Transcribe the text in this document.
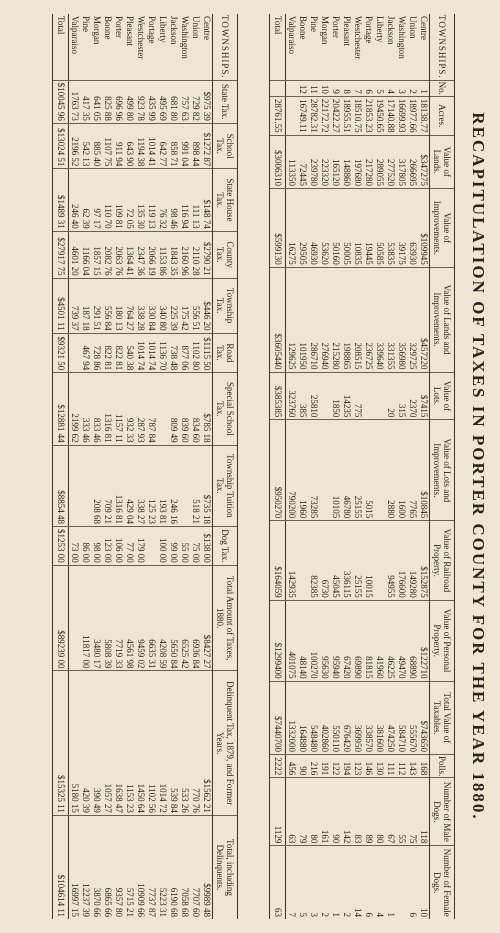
RECAPITULATION OF TAXES IN PORTER COUNTY FOR THE YEAR 1880.
TOWNSHIPS.	No.	Acres.	Value of Lands.	Value of Improvements.	Value of Lands and Improvements.	Value of Lots.	Value of Lots and Improvements.	Value of Railroad Property.	Value of Personal Property.	Total Value of Taxables.	Polls.	Number of Male Dogs.	Number of Female Dogs.
Centre	1	18138.77	$347275	$109945	$457220	$7415	$10845	$152875	$122710	$743650	168	118	10
Union	2	18977.66	266695	63930	329725	2370	7765	149280	68890	555670	143	75	6
Washington	3	16699.93	317805	39175	356980	315	1600	176600	49470	584710	112	55	
Jackson	4	17140.88	277520	53835	331355	20	2880	94955	46225	474250	111	67	1
Liberty	5	19450.65	289055	50585	339640				41960	381600	130	80	4
Portage	6	21853.23	217280	19445	236725		5015	10015	81815	338570	146	89	6
Westchester	7	18510.75	197680	10835	208515	775	25155	25155	69890	369950	123	83	14
Pleasant	8	18955.51	148860	50005	198865	14235	46780	336115	67420	676420	194	142	2
Porter	9	20422.27	165120	50160	215280	1850	10105	45045	95940	550110	122	90	1
Morgan	10	22172.72	223320	53620	276940			6730	95630	402860	191	161	2
Pine	11	28782.31	239780	46930	286710	25810	73285	82385	100270	548480	216	80	3
Boone	12	16749.11	72445	29505	101950	385	1960		48140	164880	90	79	5
Valparaiso			113350	16275	129625	323760	790200	142935	401075	1332000	456	63	7
Total		28761.55	$3006310	$599130	$3605440	$385385	$950270	$164059	$1299400	$7440700	2222	1129	63
TOWNSHIPS.	State Tax.	School Tax.	State House Tax.	County Tax.	Township Tax.	Road Tax.	Special School Tax.	Township Tuition Tax.	Dog Tax.	Total Amount of Taxes, 1880.	Delinquent Tax, 1879, and Former Years.	Total, including Delinquents.
Centre	$975 39	$1272 87	$148 74	$2790 21	$446 20	$1115 50	$785 18	$735 18	$138 00	$8427 27	$1562 21	$9989 48
Union	729 82	898 44	111 13	2110 28	556 51	1102 80	834 60	518 21	75 00	6936 84	770 76	7707 60
Washington	757 63	991 04	116 94	2160 96	175 42	877 06	839 60		55 00	6525 42	533 26	7058 68
Jackson	681 80	858 71	98 46	1843 35	225 39	738 48	809 49	246 16	99 00	5650 84	539 84	6190 68
Liberty	495 69	642 77	76 32	1153 86	340 80	1136 70		193 81	100 00	4208 59	1014 72	5223 31
Portage	435 99	1014 41	119 13	2066 19	330 84	1014 74	787 84	125 23		6635 31	1102 56	7737 87
Westchester	923 78	1194 38	135 30	2347 36	338 28	1014 74	287 93	338 27	179 00	9459 02	1450 64	10909 66
Pleasant	499 80	643 90	72 05	1364 41	764 27	540 38	932 33	429 04	77 00	4561 98	1153 23	5715 21
Porter	696 96	911 94	109 81	2063 76	180 13	822 81	1157 11	1316 81	106 00	7719 33	1638 47	9357 80
Boone	825 88	1107 75	110 70	2082 76	556 84	822 81	1316 81	709 21	123 00	5808 39	1057 27	6865 66
Morgan	641 05	885 40	97 17	1857 15	291 51	728 86	833 46	208 68	98 00	3480 17	390 49	3870 66
Pine	417 35	542 13	62 39	1166 04	187 18	467 94	333 46		86 00	11817 00	420 39	12237 39
Valparaiso	1763 73	2196 52	246 40	4601 20	739 37		2199 62		73 00		5180 15	16997 15
Total	$10045 96	$13024 51	$1489 31	$27917 75	$4501 11	$9321 50	$12881 44	$8854 48	$1253 00	$89239 00	$15325 11	$104614 11
